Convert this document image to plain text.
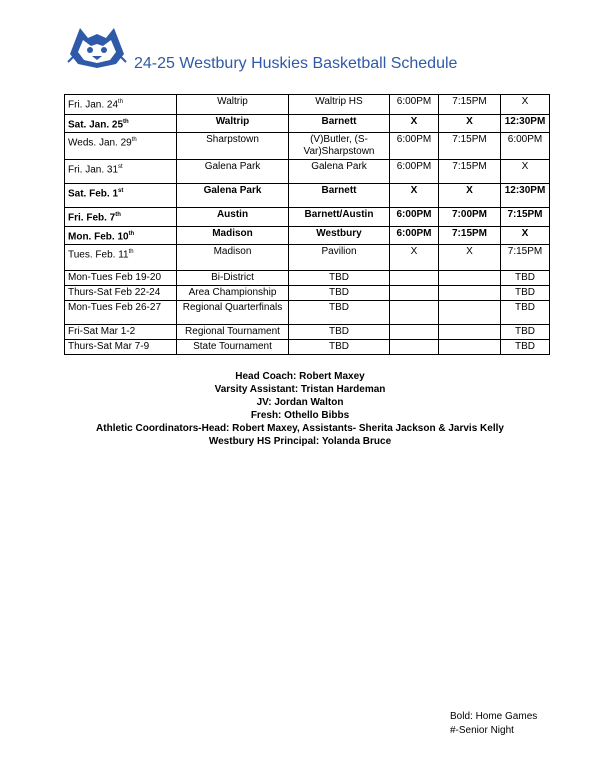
24-25 Westbury Huskies Basketball Schedule
Fri. Jan. 24th	Waltrip	Waltrip HS	6:00PM	7:15PM	X
Sat. Jan. 25th	Waltrip	Barnett	X	X	12:30PM
Weds. Jan. 29th	Sharpstown	(V)Butler, (S-Var)Sharpstown	6:00PM	7:15PM	6:00PM
Fri. Jan. 31st	Galena Park	Galena Park	6:00PM	7:15PM	X
Sat. Feb. 1st	Galena Park	Barnett	X	X	12:30PM
Fri. Feb. 7th	Austin	Barnett/Austin	6:00PM	7:00PM	7:15PM
Mon. Feb. 10th	Madison	Westbury	6:00PM	7:15PM	X
Tues. Feb. 11th	Madison	Pavilion	X	X	7:15PM
Mon-Tues Feb 19-20	Bi-District	TBD			TBD
Thurs-Sat Feb 22-24	Area Championship	TBD			TBD
Mon-Tues Feb 26-27	Regional Quarterfinals	TBD			TBD
Fri-Sat Mar 1-2	Regional Tournament	TBD			TBD
Thurs-Sat Mar 7-9	State Tournament	TBD			TBD
Head Coach: Robert Maxey
Varsity Assistant: Tristan Hardeman
JV: Jordan Walton
Fresh: Othello Bibbs
Athletic Coordinators-Head: Robert Maxey, Assistants- Sherita Jackson & Jarvis Kelly
Westbury HS Principal: Yolanda Bruce
Bold: Home Games
#-Senior Night
